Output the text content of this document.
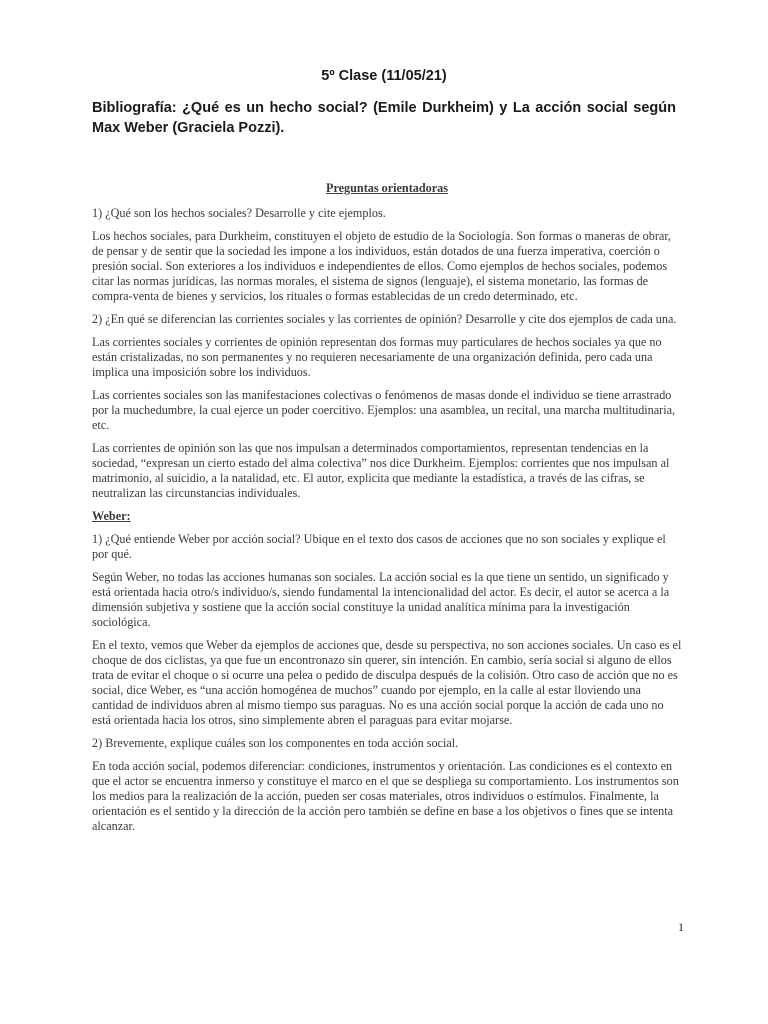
5º Clase (11/05/21)
Bibliografía: ¿Qué es un hecho social? (Emile Durkheim) y La acción social según Max Weber (Graciela Pozzi).

Preguntas orientadoras

1) ¿Qué son los hechos sociales? Desarrolle y cite ejemplos.

Los hechos sociales, para Durkheim, constituyen el objeto de estudio de la Sociología. Son formas o maneras de obrar, de pensar y de sentir que la sociedad les impone a los individuos, están dotados de una fuerza imperativa, coerción o presión social. Son exteriores a los individuos e independientes de ellos. Como ejemplos de hechos sociales, podemos citar las normas jurídicas, las normas morales, el sistema de signos (lenguaje), el sistema monetario, las formas de compra-venta de bienes y servicios, los rituales o formas establecidas de un credo determinado, etc.

2) ¿En qué se diferencian las corrientes sociales y las corrientes de opinión? Desarrolle y cite dos ejemplos de cada una.

Las corrientes sociales y corrientes de opinión representan dos formas muy particulares de hechos sociales ya que no están cristalizadas, no son permanentes y no requieren necesariamente de una organización definida, pero cada una implica una imposición sobre los individuos.

Las corrientes sociales son las manifestaciones colectivas o fenómenos de masas donde el individuo se tiene arrastrado por la muchedumbre, la cual ejerce un poder coercitivo. Ejemplos: una asamblea, un recital, una marcha multitudinaria, etc.

Las corrientes de opinión son las que nos impulsan a determinados comportamientos, representan tendencias en la sociedad, “expresan un cierto estado del alma colectiva” nos dice Durkheim. Ejemplos: corrientes que nos impulsan al matrimonio, al suicidio, a la natalidad, etc. El autor, explicita que mediante la estadística, a través de las cifras, se neutralizan las circunstancias individuales.

Weber:

1) ¿Qué entiende Weber por acción social? Ubique en el texto dos casos de acciones que no son sociales y explique el por qué.

Según Weber, no todas las acciones humanas son sociales. La acción social es la que tiene un sentido, un significado y está orientada hacia otro/s individuo/s, siendo fundamental la intencionalidad del actor. Es decir, el autor se acerca a la dimensión subjetiva y sostiene que la acción social constituye la unidad analítica mínima para la investigación sociológica.

En el texto, vemos que Weber da ejemplos de acciones que, desde su perspectiva, no son acciones sociales. Un caso es el choque de dos ciclistas, ya que fue un encontronazo sin querer, sin intención. En cambio, sería social si alguno de ellos trata de evitar el choque o si ocurre una pelea o pedido de disculpa después de la colisión. Otro caso de acción que no es social, dice Weber, es “una acción homogénea de muchos” cuando por ejemplo, en la calle al estar lloviendo una cantidad de individuos abren al mismo tiempo sus paraguas. No es una acción social porque la acción de cada uno no está orientada hacia los otros, sino simplemente abren el paraguas para evitar mojarse.

2) Brevemente, explique cuáles son los componentes en toda acción social.

En toda acción social, podemos diferenciar: condiciones, instrumentos y orientación. Las condiciones es el contexto en que el actor se encuentra inmerso y constituye el marco en el que se despliega su comportamiento. Los instrumentos son los medios para la realización de la acción, pueden ser cosas materiales, otros individuos o estímulos. Finalmente, la orientación es el sentido y la dirección de la acción pero también se define en base a los objetivos o fines que se intenta alcanzar.

1
